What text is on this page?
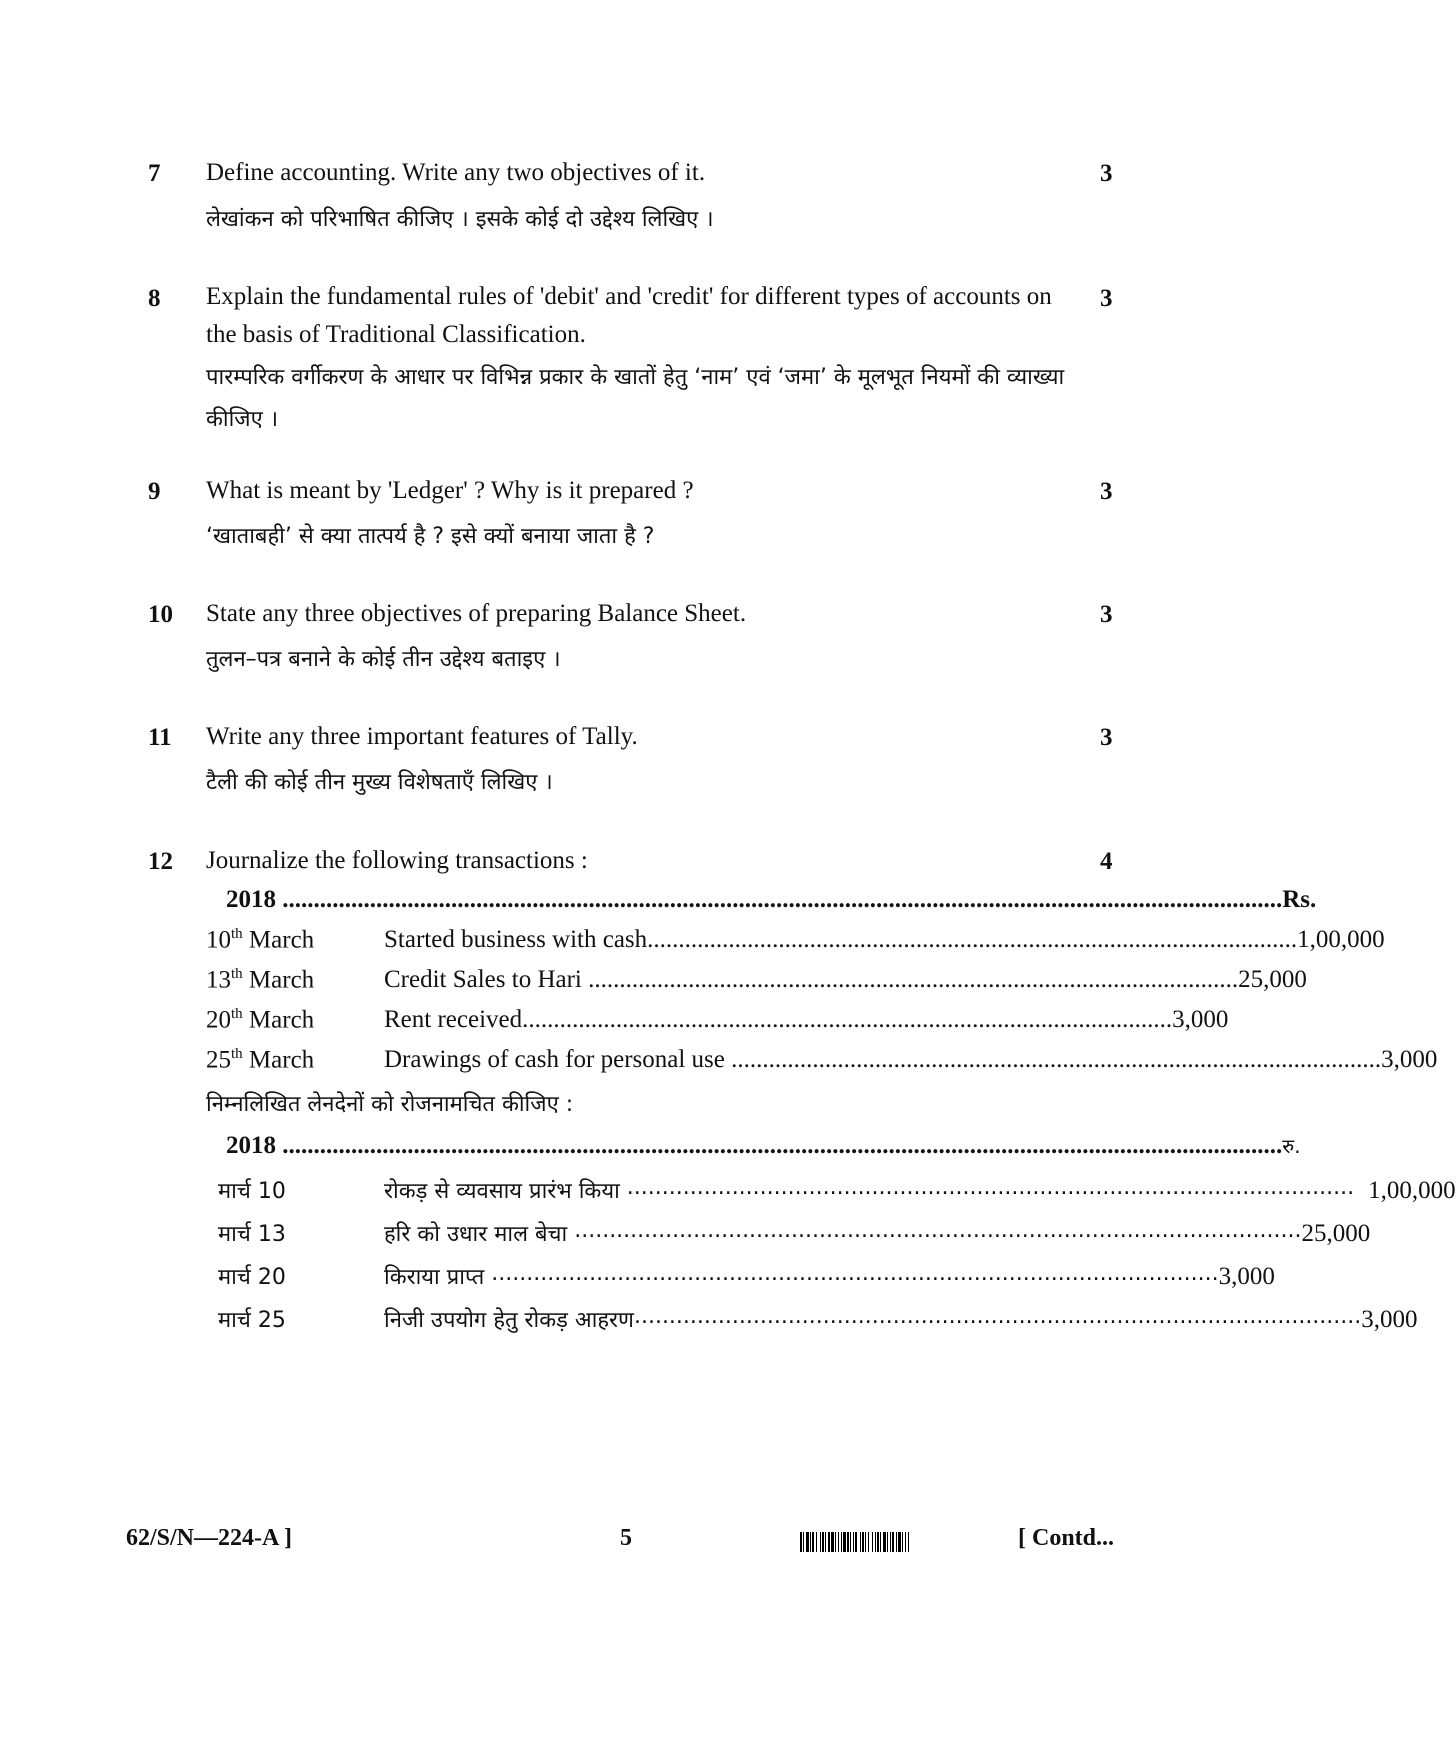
7 Define accounting. Write any two objectives of it.	3
लेखांकन को परिभाषित कीजिए । इसके कोई दो उद्देश्य लिखिए ।
8 Explain the fundamental rules of 'debit' and 'credit' for different types of accounts on the basis of Traditional Classification.
3
पारम्परिक वर्गीकरण के आधार पर विभिन्न प्रकार के खातों हेतु ‘नाम’ एवं ‘जमा’ के मूलभूत नियमों की व्याख्या कीजिए ।
9 What is meant by 'Ledger' ? Why is it prepared ?	3
‘खाताबही’ से क्या तात्पर्य है ? इसे क्यों बनाया जाता है ?
10 State any three objectives of preparing Balance Sheet.	3
तुलन–पत्र बनाने के कोई तीन उद्देश्य बताइए ।
11 Write any three important features of Tally.	3
टैली की कोई तीन मुख्य विशेषताएँ लिखिए ।
12 Journalize the following transactions :	4
2018 ................................................................................................................................................................ Rs.
10th March	Started business with cash ........................................................................................................ 1,00,000
13th March	Credit Sales to Hari ........................................................................................................ 25,000
20th March	Rent received ........................................................................................................ 3,000
25th March	Drawings of cash for personal use ........................................................................................................ 3,000
निम्नलिखित लेनदेनों को रोजनामचित कीजिए :
2018 ................................................................................................................................................................ रु.
मार्च 10	रोकड़ से व्यवसाय प्रारंभ किया ........................................................................................................ 1,00,000
मार्च 13	हरि को उधार माल बेचा ........................................................................................................ 25,000
मार्च 20	किराया प्राप्त ........................................................................................................ 3,000
मार्च 25	निजी उपयोग हेतु रोकड़ आहरण ........................................................................................................ 3,000
62/S/N—224-A ]	5	[ Contd...
